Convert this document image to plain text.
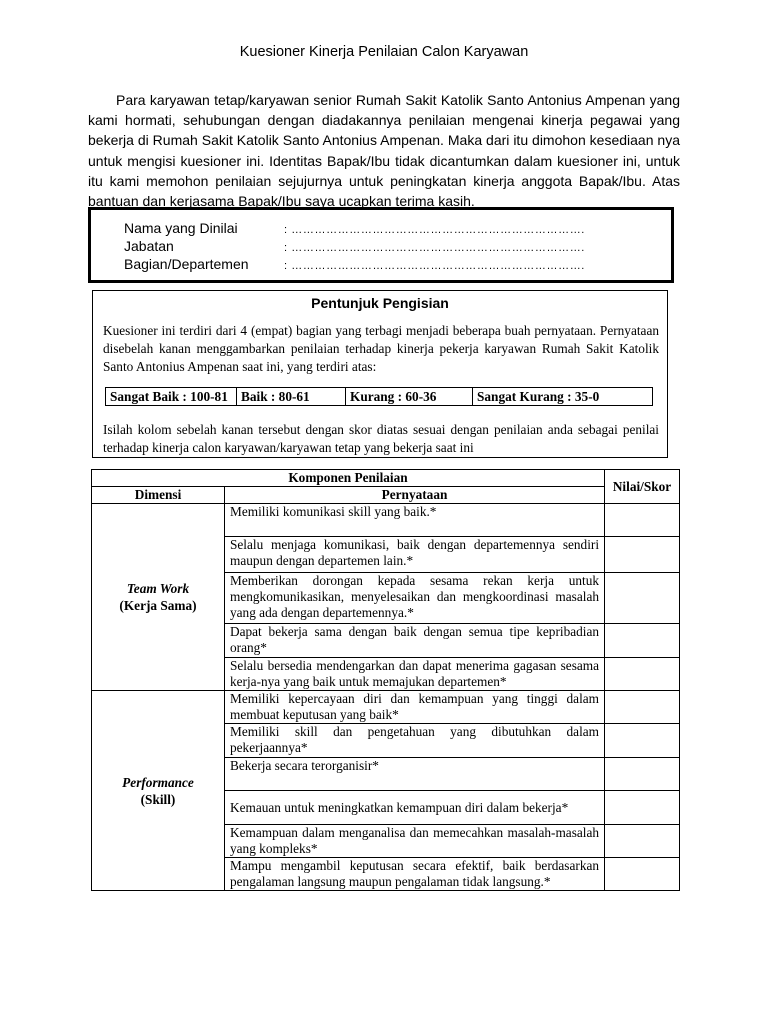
Kuesioner Kinerja Penilaian Calon Karyawan

Para karyawan tetap/karyawan senior Rumah Sakit Katolik Santo Antonius Ampenan yang kami hormati, sehubungan dengan diadakannya penilaian mengenai kinerja pegawai yang bekerja di Rumah Sakit Katolik Santo Antonius Ampenan. Maka dari itu dimohon kesediaan nya untuk mengisi kuesioner ini. Identitas Bapak/Ibu tidak dicantumkan dalam kuesioner ini, untuk itu kami memohon penilaian sejujurnya untuk peningkatan kinerja anggota Bapak/Ibu. Atas bantuan dan kerjasama Bapak/Ibu saya ucapkan terima kasih.

Nama yang Dinilai	: ………………………………………………………………….
Jabatan	: ………………………………………………………………….
Bagian/Departemen	: ………………………………………………………………….
Pentunjuk Pengisian

Kuesioner ini terdiri dari 4 (empat) bagian yang terbagi menjadi beberapa buah pernyataan. Pernyataan disebelah kanan menggambarkan penilaian terhadap kinerja pekerja karyawan Rumah Sakit Katolik Santo Antonius Ampenan saat ini, yang terdiri atas:

Sangat Baik : 100-81	Baik : 80-61	Kurang : 60-36	Sangat Kurang : 35-0

Isilah kolom sebelah kanan tersebut dengan skor diatas sesuai dengan penilaian anda sebagai penilai terhadap kinerja calon karyawan/karyawan tetap yang bekerja saat ini

Komponen Penilaian		Nilai/Skor
Dimensi	Pernyataan	
Team Work
(Kerja Sama)	Memiliki komunikasi skill yang baik.*	
	Selalu menjaga komunikasi, baik dengan departemennya sendiri maupun dengan departemen lain.*	
	Memberikan dorongan kepada sesama rekan kerja untuk mengkomunikasikan, menyelesaikan dan mengkoordinasi masalah yang ada dengan departemennya.*	
	Dapat bekerja sama dengan baik dengan semua tipe kepribadian orang*	
	Selalu bersedia mendengarkan dan dapat menerima gagasan sesama kerja-nya yang baik untuk memajukan departemen*	
Performance
(Skill)	Memiliki kepercayaan diri dan kemampuan yang tinggi dalam membuat keputusan yang baik*	
	Memiliki skill dan pengetahuan yang dibutuhkan dalam pekerjaannya*	
	Bekerja secara terorganisir*	
	Kemauan untuk meningkatkan kemampuan diri dalam bekerja*	
	Kemampuan dalam menganalisa dan memecahkan masalah-masalah yang kompleks*	
	Mampu mengambil keputusan secara efektif, baik berdasarkan pengalaman langsung maupun pengalaman tidak langsung.*	
